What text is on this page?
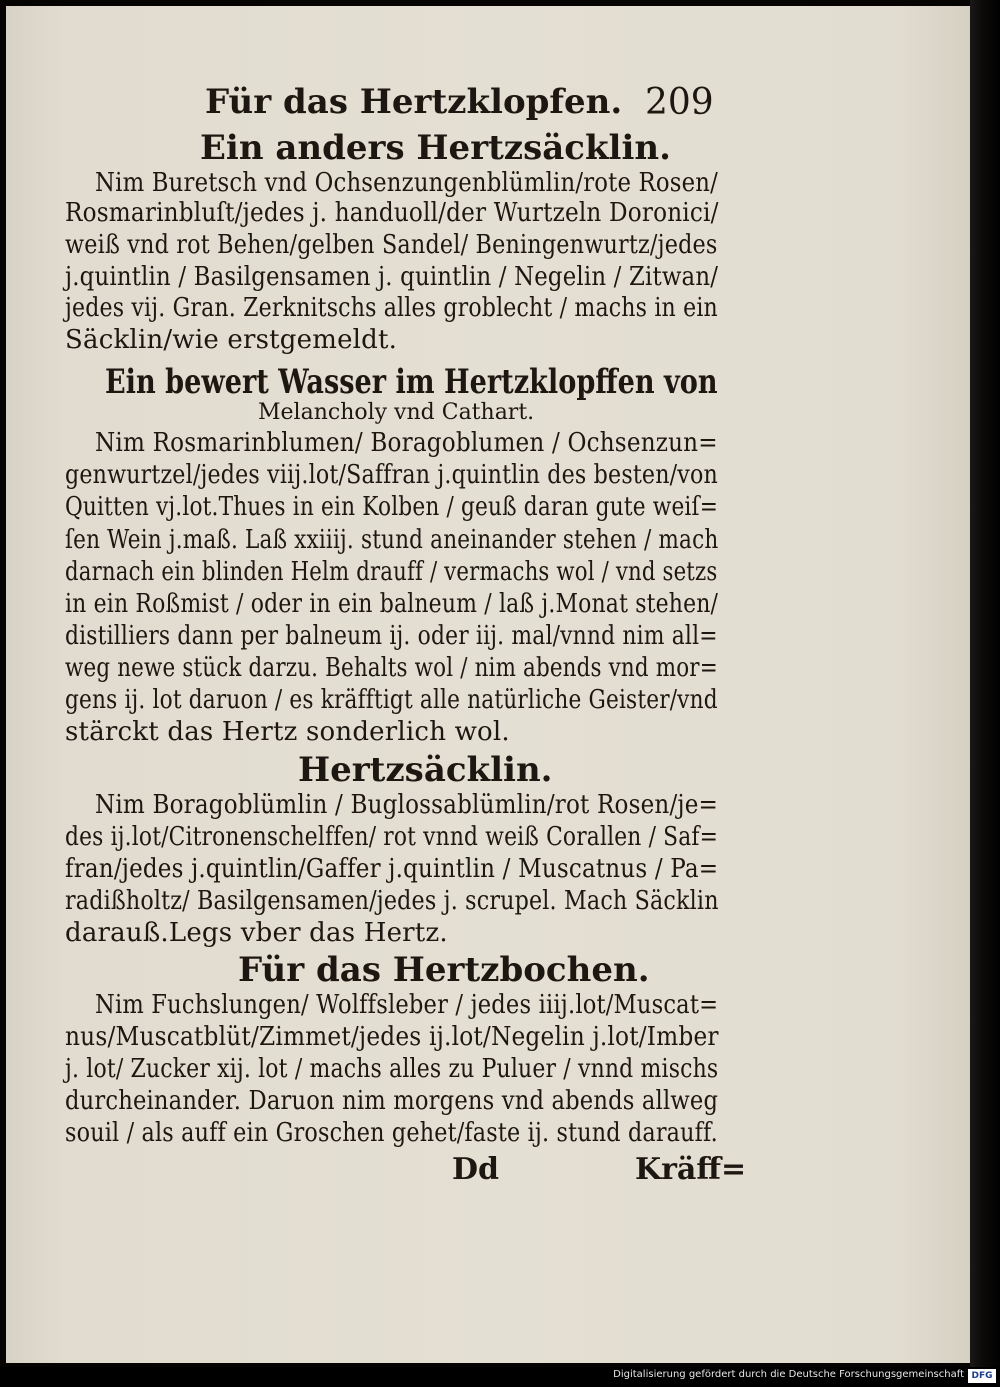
Für das Hertzklopfen. 209
Ein anders Hertzsäcklin.
Nim Buretsch vnd Ochsenzungenblümlin/rote Rosen/
Rosmarinbluſt/jedes j. handuoll/der Wurtzeln Doronici/
weiß vnd rot Behen/gelben Sandel/ Beningenwurtz/jedes
j.quintlin / Basilgensamen j. quintlin / Negelin / Zitwan/
jedes vij. Gran. Zerknitschs alles groblecht / machs in ein
Säcklin/wie erstgemeldt.
Ein bewert Wasser im Hertzklopffen von
Melancholy vnd Cathart.
Nim Rosmarinblumen/ Boragoblumen / Ochsenzun=
genwurtzel/jedes viij.lot/Saffran j.quintlin des besten/von
Quitten vj.lot.Thues in ein Kolben / geuß daran gute weiſ=
ſen Wein j.maß. Laß xxiiij. stund aneinander stehen / mach
darnach ein blinden Helm drauff / vermachs wol / vnd setzs
in ein Roßmist / oder in ein balneum / laß j.Monat stehen/
distilliers dann per balneum ij. oder iij. mal/vnnd nim all=
weg newe stück darzu. Behalts wol / nim abends vnd mor=
gens ij. lot daruon / es kräfftigt alle natürliche Geister/vnd
stärckt das Hertz sonderlich wol.
Hertzsäcklin.
Nim Boragoblümlin / Buglossablümlin/rot Rosen/je=
des ij.lot/Citronenschelffen/ rot vnnd weiß Corallen / Saf=
fran/jedes j.quintlin/Gaffer j.quintlin / Muscatnus / Pa=
radißholtz/ Basilgensamen/jedes j. scrupel. Mach Säcklin
darauß.Legs vber das Hertz.
Für das Hertzbochen.
Nim Fuchslungen/ Wolffsleber / jedes iiij.lot/Muscat=
nus/Muscatblüt/Zimmet/jedes ij.lot/Negelin j.lot/Imber
j. lot/ Zucker xij. lot / machs alles zu Puluer / vnnd mischs
durcheinander. Daruon nim morgens vnd abends allweg
souil / als auff ein Groschen gehet/faste ij. stund darauff.
Dd	Kräff=
Digitalisierung gefördert durch die Deutsche Forschungsgemeinschaft DFG
